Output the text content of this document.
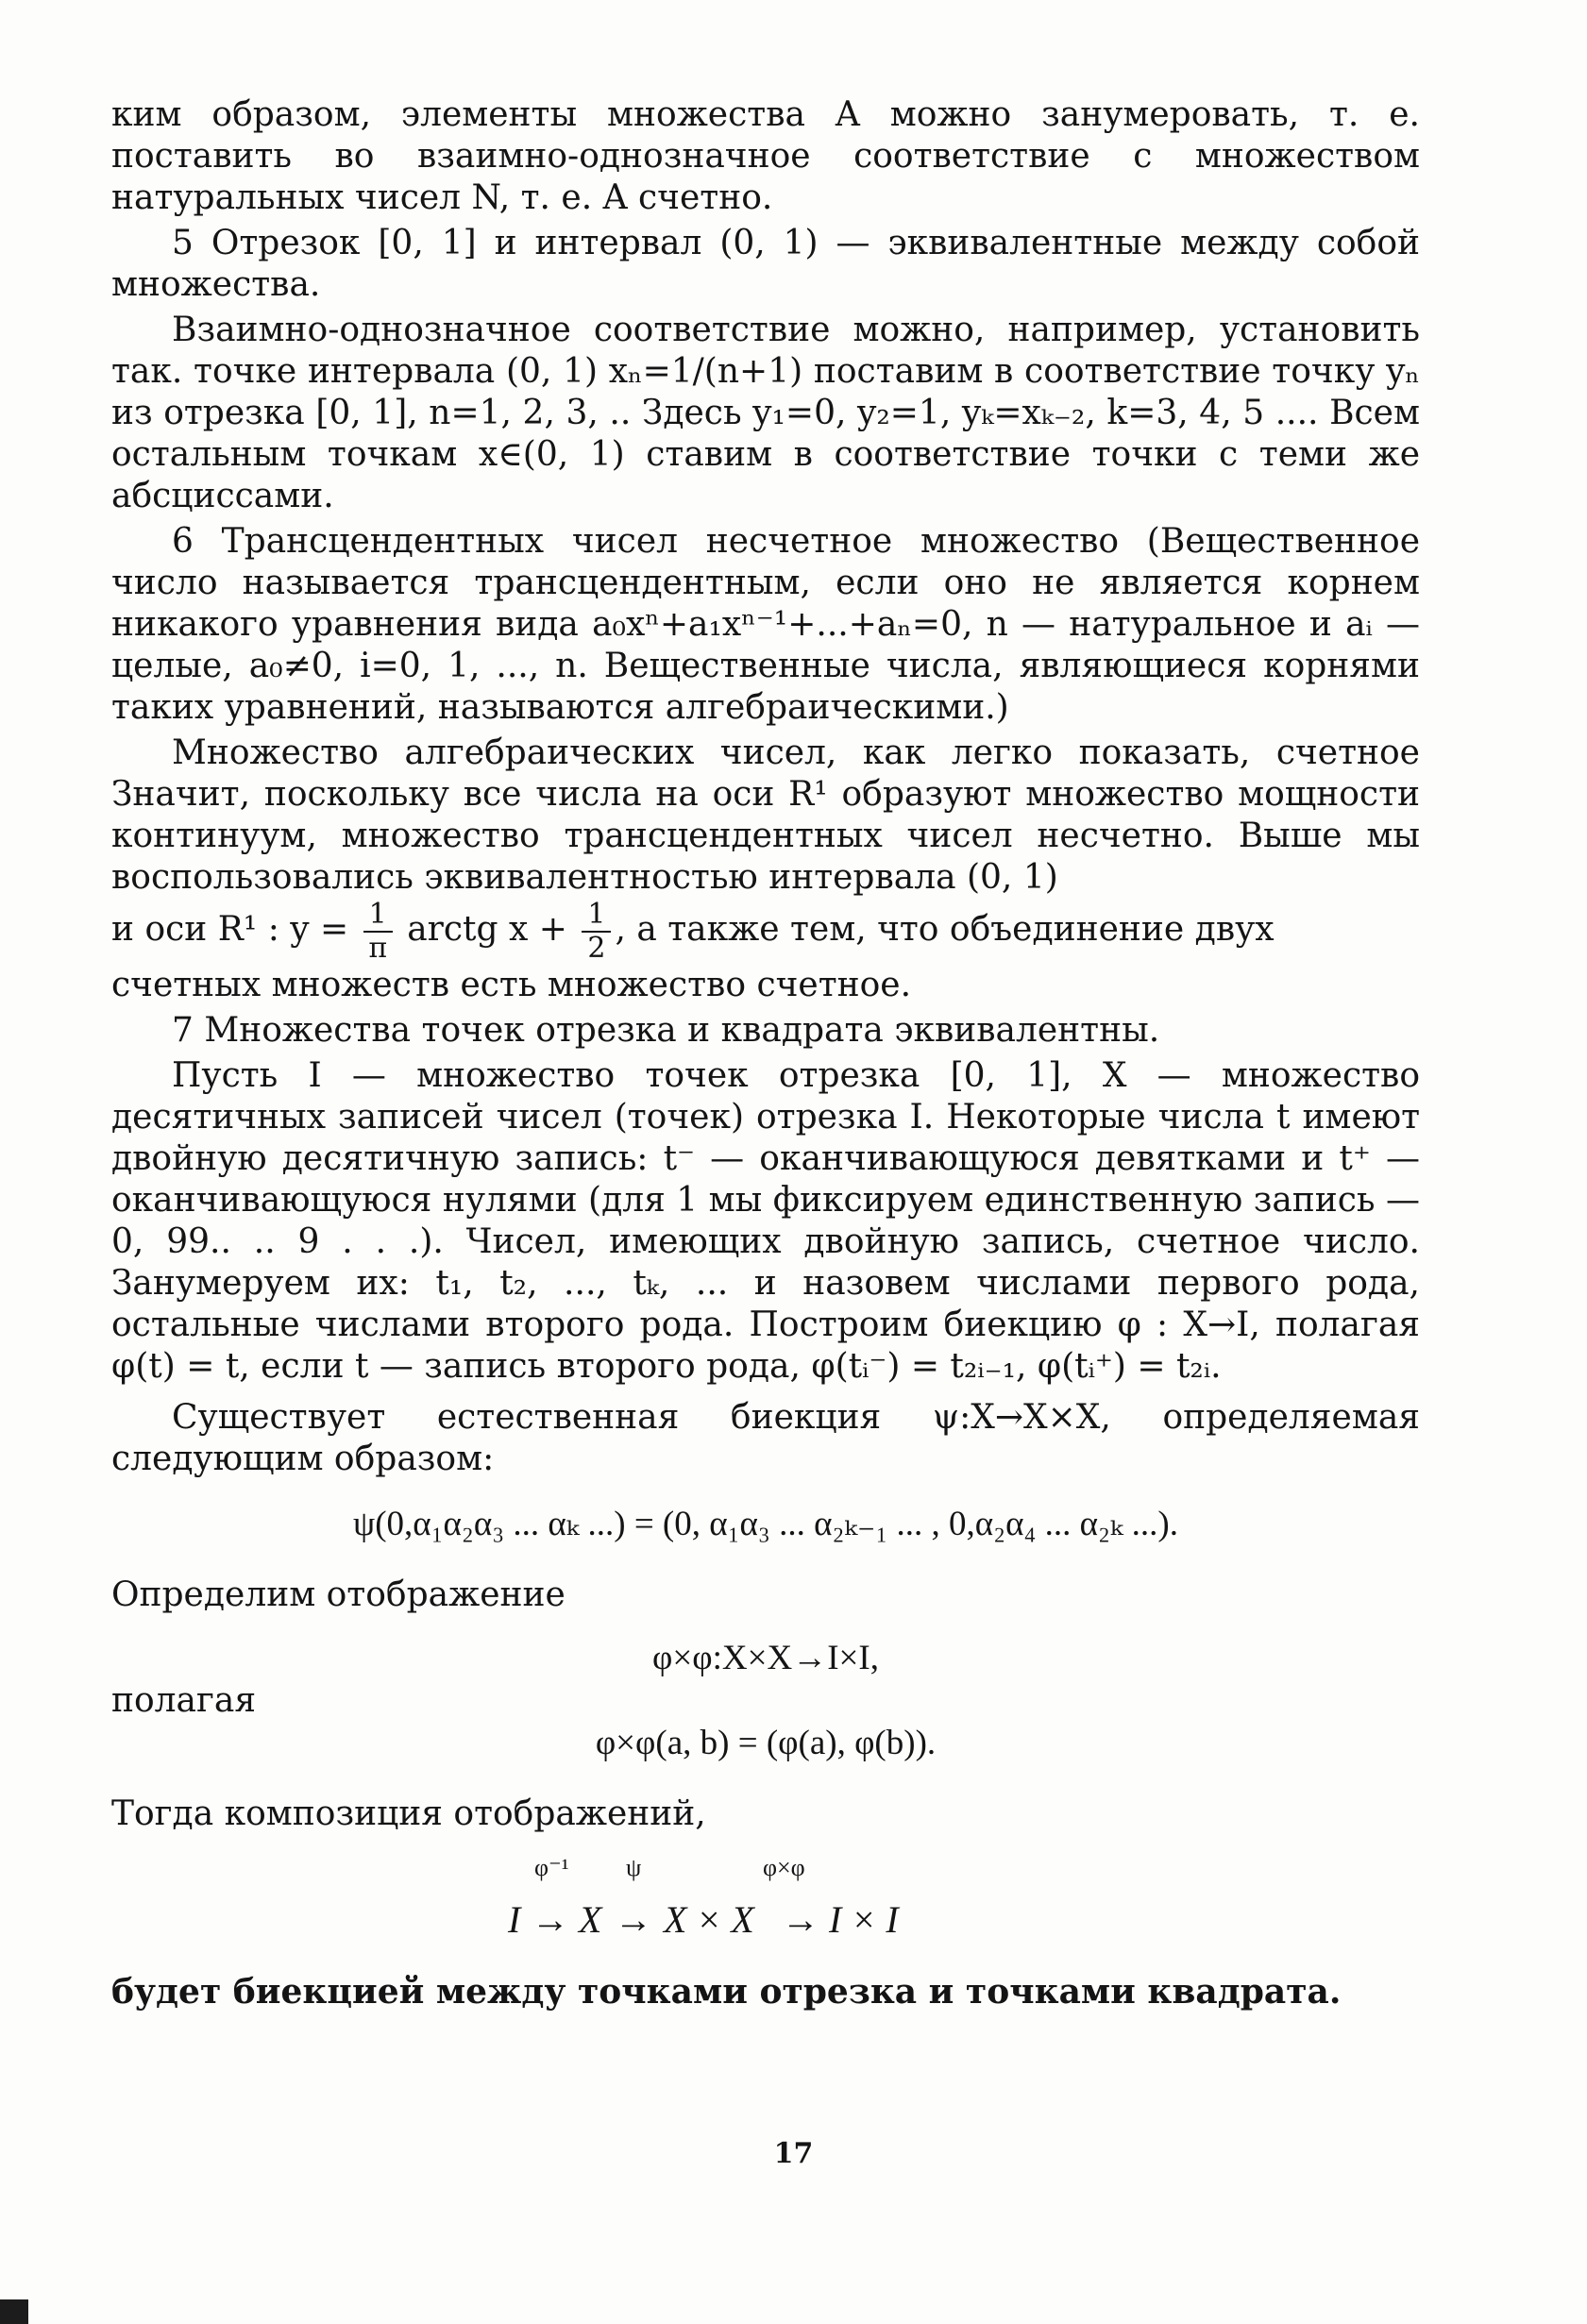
ким образом, элементы множества A можно занумеровать, т. е. поставить во взаимно-однозначное соответствие с множеством натуральных чисел N, т. е. A счетно.

5 Отрезок [0, 1] и интервал (0, 1) — эквивалентные между собой множества.

Взаимно-однозначное соответствие можно, например, установить так. точке интервала (0, 1) xₙ=1/(n+1) поставим в соответствие точку yₙ из отрезка [0, 1], n=1, 2, 3, .. Здесь y₁=0, y₂=1, yₖ=xₖ₋₂, k=3, 4, 5 .... Всем остальным точкам x∈(0, 1) ставим в соответствие точки с теми же абсциссами.

6 Трансцендентных чисел несчетное множество (Вещественное число называется трансцендентным, если оно не является корнем никакого уравнения вида a₀xⁿ+a₁xⁿ⁻¹+...+aₙ=0, n — натуральное и aᵢ — целые, a₀≠0, i=0, 1, ..., n. Вещественные числа, являющиеся корнями таких уравнений, называются алгебраическими.)

Множество алгебраических чисел, как легко показать, счетное Значит, поскольку все числа на оси R¹ образуют множество мощности континуум, множество трансцендентных чисел несчетно. Выше мы воспользовались эквивалентностью интервала (0, 1)

и оси R¹ : $y = \frac{1}{\pi}$ arctg $x + \frac{1}{2}$ , а также тем, что объединение двух

счетных множеств есть множество счетное.

7 Множества точек отрезка и квадрата эквивалентны.

Пусть I — множество точек отрезка [0, 1], X — множество десятичных записей чисел (точек) отрезка I. Некоторые числа t имеют двойную десятичную запись: t⁻ — оканчивающуюся девятками и t⁺ — оканчивающуюся нулями (для 1 мы фиксируем единственную запись — 0, 99.. .. 9 . . .). Чисел, имеющих двойную запись, счетное число. Занумеруем их: t₁, t₂, ..., tₖ, ... и назовем числами первого рода, остальные числами второго рода. Построим биекцию φ : X→I, полагая φ(t) = t, если t — запись второго рода, φ(tᵢ⁻) = t₂ᵢ₋₁, φ(tᵢ⁺) = t₂ᵢ.

Существует естественная биекция ψ:X→X×X, определяемая следующим образом:

ψ(0,α₁α₂α₃ ... αₖ ...) = (0, α₁α₃ ... α₂ₖ₋₁ ... , 0,α₂α₄ ... α₂ₖ ...).

Определим отображение

φ×φ:X×X→I×I,

полагая

φ×φ(a, b) = (φ(a), φ(b)).

Тогда композиция отображений,

I →
φ⁻¹
X →
ψ
X × X →
φ×φ
I × I

будет биекцией между точками отрезка и точками квадрата.

17
